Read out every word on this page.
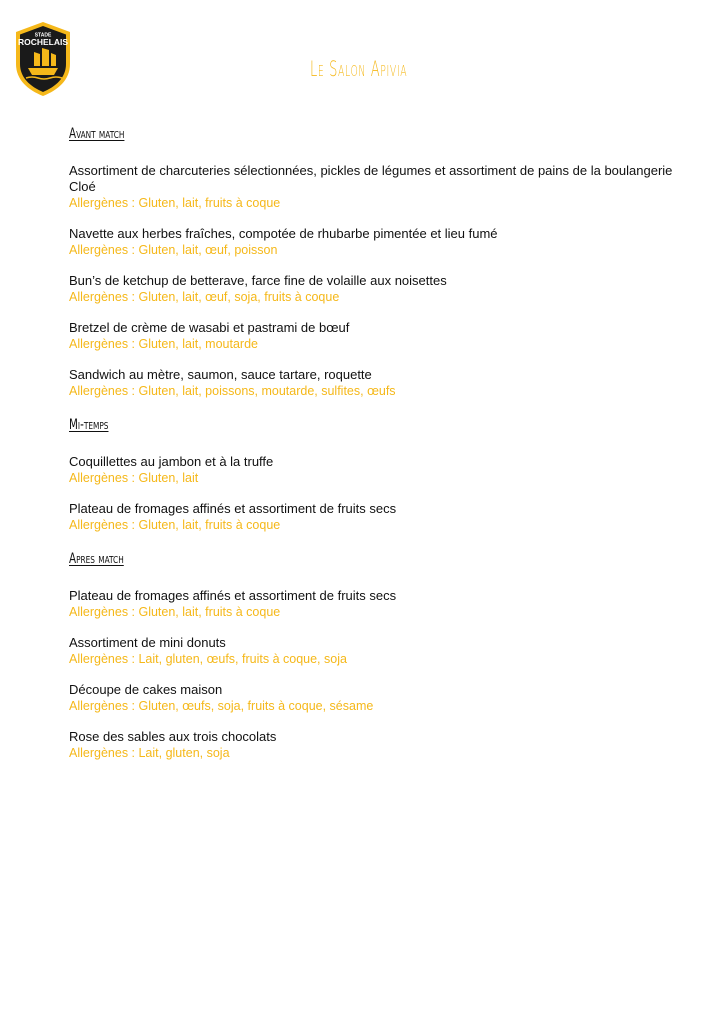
STADE
ROCHELAIS
Le Salon Apivia
Avant match
Assortiment de charcuteries sélectionnées, pickles de légumes et assortiment de pains de la boulangerie Cloé
Allergènes : Gluten, lait, fruits à coque
Navette aux herbes fraîches, compotée de rhubarbe pimentée et lieu fumé
Allergènes : Gluten, lait, œuf, poisson
Bun’s de ketchup de betterave, farce fine de volaille aux noisettes
Allergènes : Gluten, lait, œuf, soja, fruits à coque
Bretzel de crème de wasabi et pastrami de bœuf
Allergènes : Gluten, lait, moutarde
Sandwich au mètre, saumon, sauce tartare, roquette
Allergènes : Gluten, lait, poissons, moutarde, sulfites, œufs
Mi-temps
Coquillettes au jambon et à la truffe
Allergènes : Gluten, lait
Plateau de fromages affinés et assortiment de fruits secs
Allergènes : Gluten, lait, fruits à coque
Apres match
Plateau de fromages affinés et assortiment de fruits secs
Allergènes : Gluten, lait, fruits à coque
Assortiment de mini donuts
Allergènes : Lait, gluten, œufs, fruits à coque, soja
Découpe de cakes maison
Allergènes : Gluten, œufs, soja, fruits à coque, sésame
Rose des sables aux trois chocolats
Allergènes : Lait, gluten, soja
